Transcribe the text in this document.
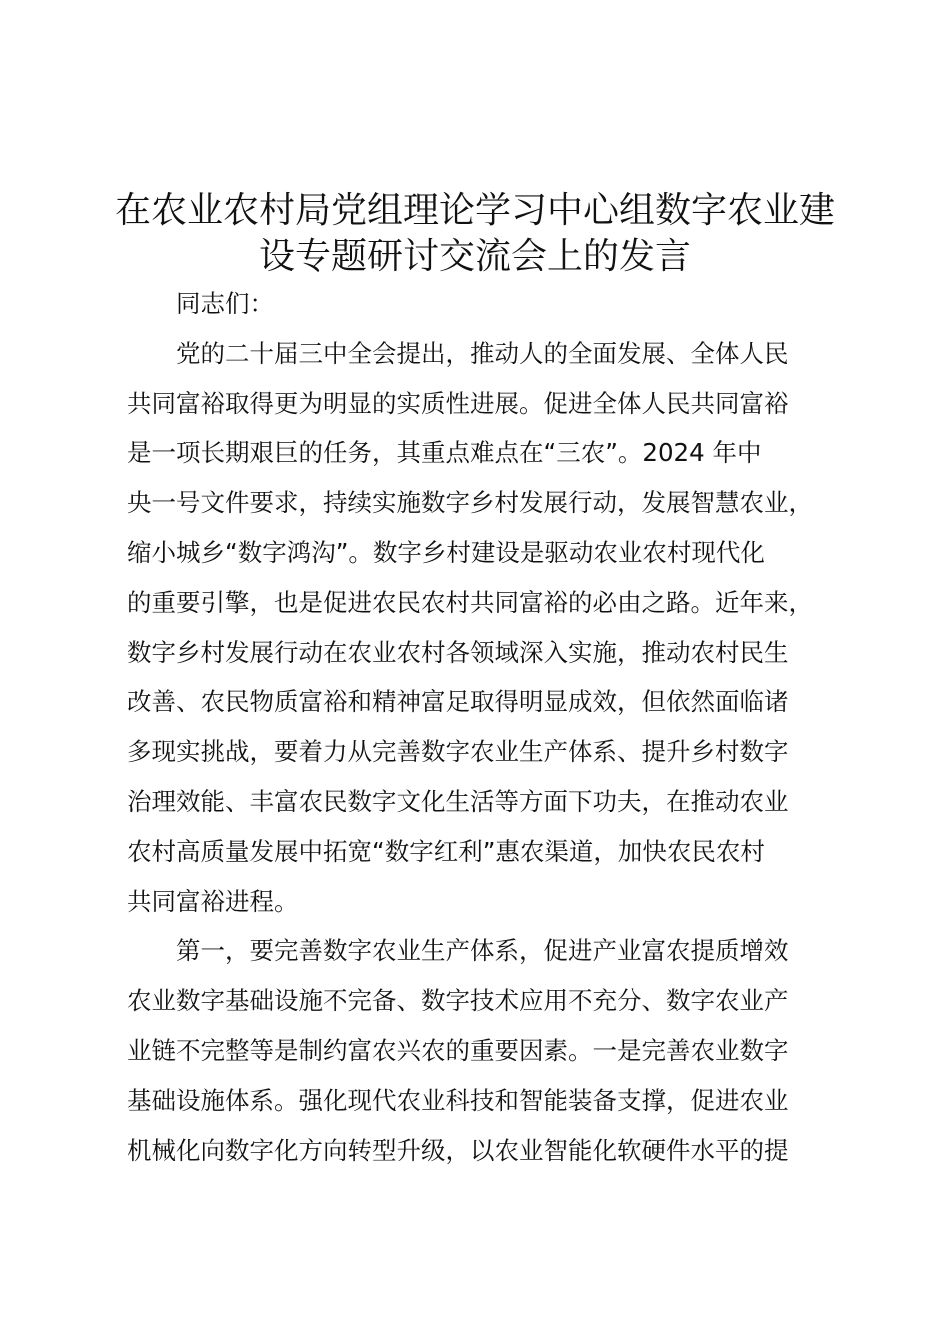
在农业农村局党组理论学习中心组数字农业建
设专题研讨交流会上的发言

同志们：

党的二十届三中全会提出，推动人的全面发展、全体人民

共同富裕取得更为明显的实质性进展。促进全体人民共同富裕

是一项长期艰巨的任务，其重点难点在“三农”。2024 年中

央一号文件要求，持续实施数字乡村发展行动，发展智慧农业，

缩小城乡“数字鸿沟”。数字乡村建设是驱动农业农村现代化

的重要引擎，也是促进农民农村共同富裕的必由之路。近年来，

数字乡村发展行动在农业农村各领域深入实施，推动农村民生

改善、农民物质富裕和精神富足取得明显成效，但依然面临诸

多现实挑战，要着力从完善数字农业生产体系、提升乡村数字

治理效能、丰富农民数字文化生活等方面下功夫，在推动农业

农村高质量发展中拓宽“数字红利”惠农渠道，加快农民农村

共同富裕进程。

第一，要完善数字农业生产体系，促进产业富农提质增效

农业数字基础设施不完备、数字技术应用不充分、数字农业产

业链不完整等是制约富农兴农的重要因素。一是完善农业数字

基础设施体系。强化现代农业科技和智能装备支撑，促进农业

机械化向数字化方向转型升级，以农业智能化软硬件水平的提
